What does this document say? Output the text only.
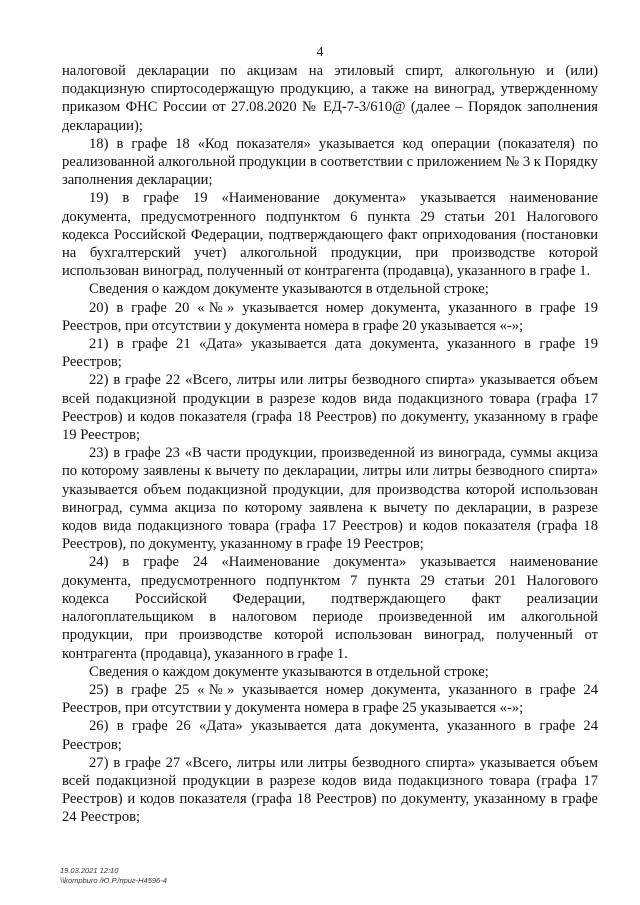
4

налоговой декларации по акцизам на этиловый спирт, алкогольную и (или) подакцизную спиртосодержащую продукцию, а также на виноград, утвержденному приказом ФНС России от 27.08.2020 № ЕД-7-3/610@ (далее – Порядок заполнения декларации);

18) в графе 18 «Код показателя» указывается код операции (показателя) по реализованной алкогольной продукции в соответствии с приложением № 3 к Порядку заполнения декларации;

19) в графе 19 «Наименование документа» указывается наименование документа, предусмотренного подпунктом 6 пункта 29 статьи 201 Налогового кодекса Российской Федерации, подтверждающего факт оприходования (постановки на бухгалтерский учет) алкогольной продукции, при производстве которой использован виноград, полученный от контрагента (продавца), указанного в графе 1.

Сведения о каждом документе указываются в отдельной строке;

20) в графе 20 «№» указывается номер документа, указанного в графе 19 Реестров, при отсутствии у документа номера в графе 20 указывается «-»;

21) в графе 21 «Дата» указывается дата документа, указанного в графе 19 Реестров;

22) в графе 22 «Всего, литры или литры безводного спирта» указывается объем всей подакцизной продукции в разрезе кодов вида подакцизного товара (графа 17 Реестров) и кодов показателя (графа 18 Реестров) по документу, указанному в графе 19 Реестров;

23) в графе 23 «В части продукции, произведенной из винограда, суммы акциза по которому заявлены к вычету по декларации, литры или литры безводного спирта» указывается объем подакцизной продукции, для производства которой использован виноград, сумма акциза по которому заявлена к вычету по декларации, в разрезе кодов вида подакцизного товара (графа 17 Реестров) и кодов показателя (графа 18 Реестров), по документу, указанному в графе 19 Реестров;

24) в графе 24 «Наименование документа» указывается наименование документа, предусмотренного подпунктом 7 пункта 29 статьи 201 Налогового кодекса Российской Федерации, подтверждающего факт реализации налогоплательщиком в налоговом периоде произведенной им алкогольной продукции, при производстве которой использован виноград, полученный от контрагента (продавца), указанного в графе 1.

Сведения о каждом документе указываются в отдельной строке;

25) в графе 25 «№» указывается номер документа, указанного в графе 24 Реестров, при отсутствии у документа номера в графе 25 указывается «-»;

26) в графе 26 «Дата» указывается дата документа, указанного в графе 24 Реестров;

27) в графе 27 «Всего, литры или литры безводного спирта» указывается объем всей подакцизной продукции в разрезе кодов вида подакцизного товара (графа 17 Реестров) и кодов показателя (графа 18 Реестров) по документу, указанному в графе 24 Реестров;

19.03.2021 12:10
\\kompburo /Ю.Р./приг-Н4596-4
